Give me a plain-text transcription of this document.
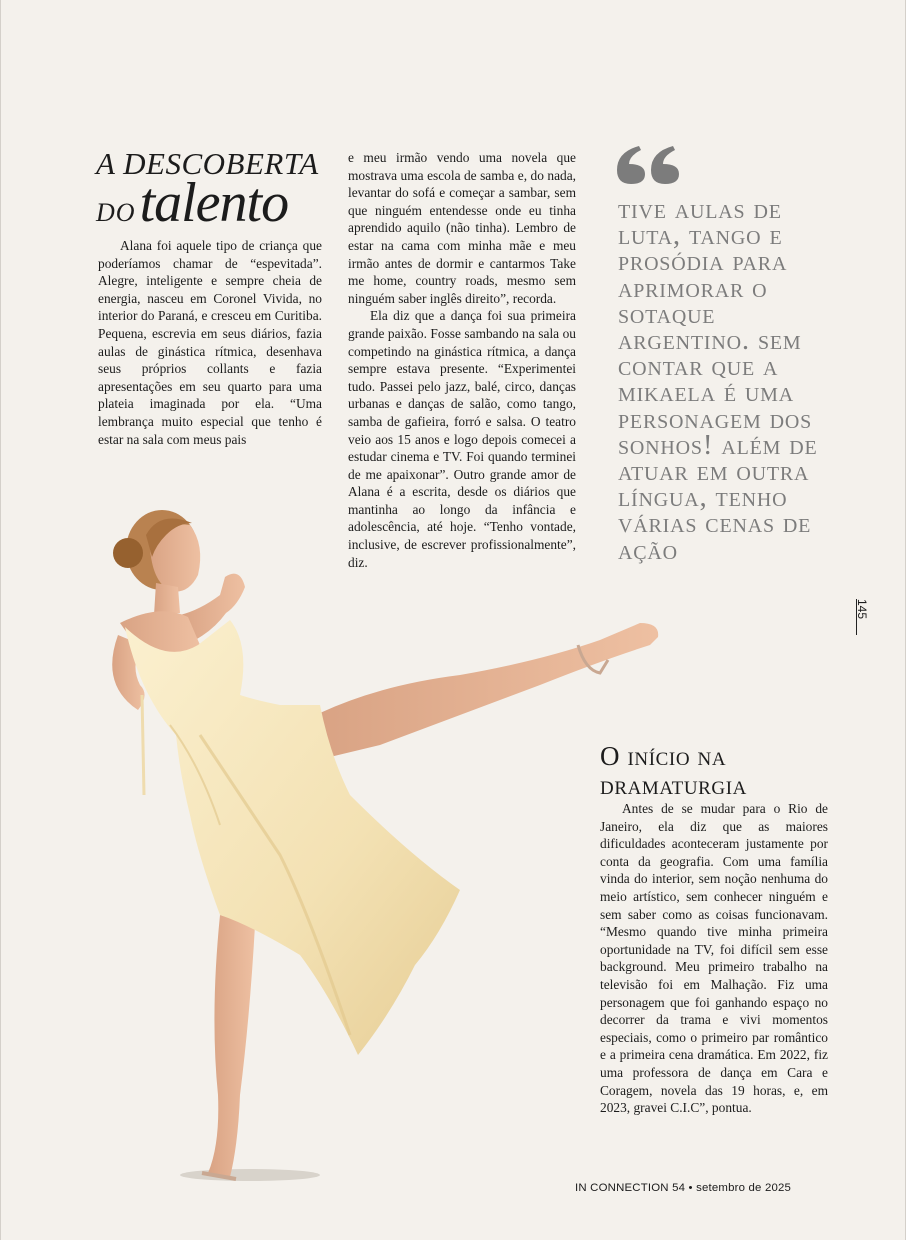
A DESCOBERTA
DOtalento

Alana foi aquele tipo de criança que poderíamos chamar de “espevitada”. Alegre, inteligente e sempre cheia de energia, nasceu em Coronel Vivida, no interior do Paraná, e cresceu em Curitiba. Pequena, escrevia em seus diários, fazia aulas de ginástica rítmica, desenhava seus próprios collants e fazia apresentações em seu quarto para uma plateia imaginada por ela. “Uma lembrança muito especial que tenho é estar na sala com meus pais

e meu irmão vendo uma novela que mostrava uma escola de samba e, do nada, levantar do sofá e começar a sambar, sem que ninguém entendesse onde eu tinha aprendido aquilo (não tinha). Lembro de estar na cama com minha mãe e meu irmão antes de dormir e cantarmos Take me home, country roads, mesmo sem ninguém saber inglês direito”, recorda.

Ela diz que a dança foi sua primeira grande paixão. Fosse sambando na sala ou competindo na ginástica rítmica, a dança sempre estava presente. “Experimentei tudo. Passei pelo jazz, balé, circo, danças urbanas e danças de salão, como tango, samba de gafieira, forró e salsa. O teatro veio aos 15 anos e logo depois comecei a estudar cinema e TV. Foi quando terminei de me apaixonar”. Outro grande amor de Alana é a escrita, desde os diários que mantinha ao longo da infância e adolescência, até hoje. “Tenho vontade, inclusive, de escrever profissionalmente”, diz.

tive aulas de luta, tango e prosódia para aprimorar o sotaque argentino. sem contar que a mikaela é uma personagem dos sonhos! além de atuar em outra língua, tenho várias cenas de ação
145
O início na
dramaturgia

Antes de se mudar para o Rio de Janeiro, ela diz que as maiores dificuldades aconteceram justamente por conta da geografia. Com uma família vinda do interior, sem noção nenhuma do meio artístico, sem conhecer ninguém e sem saber como as coisas funcionavam. “Mesmo quando tive minha primeira oportunidade na TV, foi difícil sem esse background. Meu primeiro trabalho na televisão foi em Malhação. Fiz uma personagem que foi ganhando espaço no decorrer da trama e vivi momentos especiais, como o primeiro par romântico e a primeira cena dramática. Em 2022, fiz uma professora de dança em Cara e Coragem, novela das 19 horas, e, em 2023, gravei C.I.C”, pontua.

IN CONNECTION 54 • setembro de 2025
